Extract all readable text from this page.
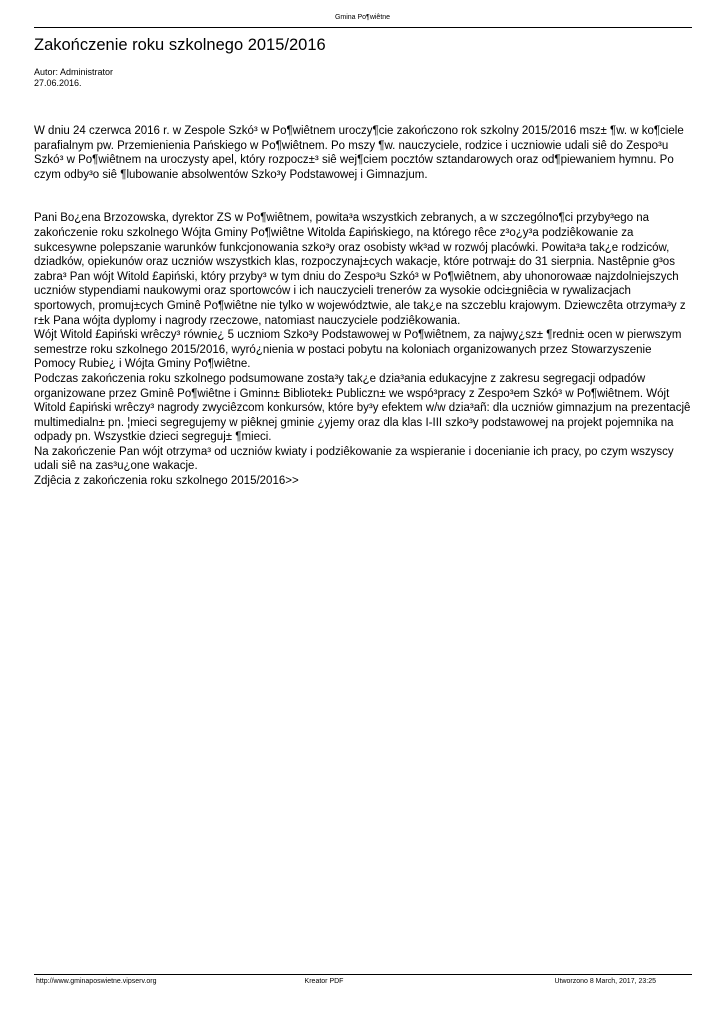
Gmina Po¶wiêtne
Zakończenie roku szkolnego 2015/2016
Autor: Administrator
27.06.2016.

W dniu 24 czerwca 2016 r. w Zespole Szkó³ w Po¶wiêtnem uroczy¶cie zakończono rok szkolny 2015/2016 msz± ¶w. w ko¶ciele parafialnym pw. Przemienienia Pańskiego w Po¶wiêtnem. Po mszy ¶w. nauczyciele, rodzice i uczniowie udali siê do Zespo³u Szkó³ w Po¶wiêtnem na uroczysty apel, który rozpocz±³ siê wej¶ciem pocztów sztandarowych oraz od¶piewaniem hymnu. Po czym odby³o siê ¶lubowanie absolwentów Szko³y Podstawowej i Gimnazjum.

Pani Bo¿ena Brzozowska, dyrektor ZS w Po¶wiêtnem, powita³a wszystkich zebranych, a w szczególno¶ci przyby³ego na zakończenie roku szkolnego Wójta Gminy Po¶wiêtne Witolda £apińskiego, na którego rêce z³o¿y³a podziêkowanie za sukcesywne polepszanie warunków funkcjonowania szko³y oraz osobisty wk³ad w rozwój placówki. Powita³a tak¿e rodziców, dziadków, opiekunów oraz uczniów wszystkich klas, rozpoczynaj±cych wakacje, które potrwaj± do 31 sierpnia. Nastêpnie g³os zabra³ Pan wójt Witold £apiński, który przyby³ w tym dniu do Zespo³u Szkó³ w Po¶wiêtnem, aby uhonorowaæ najzdolniejszych uczniów stypendiami naukowymi oraz sportowców i ich nauczycieli trenerów za wysokie odci±gniêcia w rywalizacjach sportowych, promuj±cych Gminê Po¶wiêtne nie tylko w województwie, ale tak¿e na szczeblu krajowym. Dziewczêta otrzyma³y z r±k Pana wójta dyplomy i nagrody rzeczowe, natomiast nauczyciele podziêkowania.

Wójt Witold £apiński wrêczy³ równie¿ 5 uczniom Szko³y Podstawowej w Po¶wiêtnem, za najwy¿sz± ¶redni± ocen w pierwszym semestrze roku szkolnego 2015/2016, wyró¿nienia w postaci pobytu na koloniach organizowanych przez Stowarzyszenie Pomocy Rubie¿ i Wójta Gminy Po¶wiêtne.

Podczas zakończenia roku szkolnego podsumowane zosta³y tak¿e dzia³ania edukacyjne z zakresu segregacji odpadów organizowane przez Gminê Po¶wiêtne i Gminn± Bibliotek± Publiczn± we wspó³pracy z Zespo³em Szkó³ w Po¶wiêtnem. Wójt Witold £apiński wrêczy³ nagrody zwyciêzcom konkursów, które by³y efektem w/w dzia³añ: dla uczniów gimnazjum na prezentacjê multimedialn± pn. ¦mieci segregujemy w piêknej gminie ¿yjemy oraz dla klas I-III szko³y podstawowej na projekt pojemnika na odpady pn. Wszystkie dzieci segreguj± ¶mieci.

Na zakończenie Pan wójt otrzyma³ od uczniów kwiaty i podziêkowanie za wspieranie i docenianie ich pracy, po czym wszyscy udali siê na zas³u¿one wakacje.

Zdjêcia z zakończenia roku szkolnego 2015/2016>>
http://www.gminaposwietne.vipserv.org	Kreator PDF	Utworzono 8 March, 2017, 23:25
